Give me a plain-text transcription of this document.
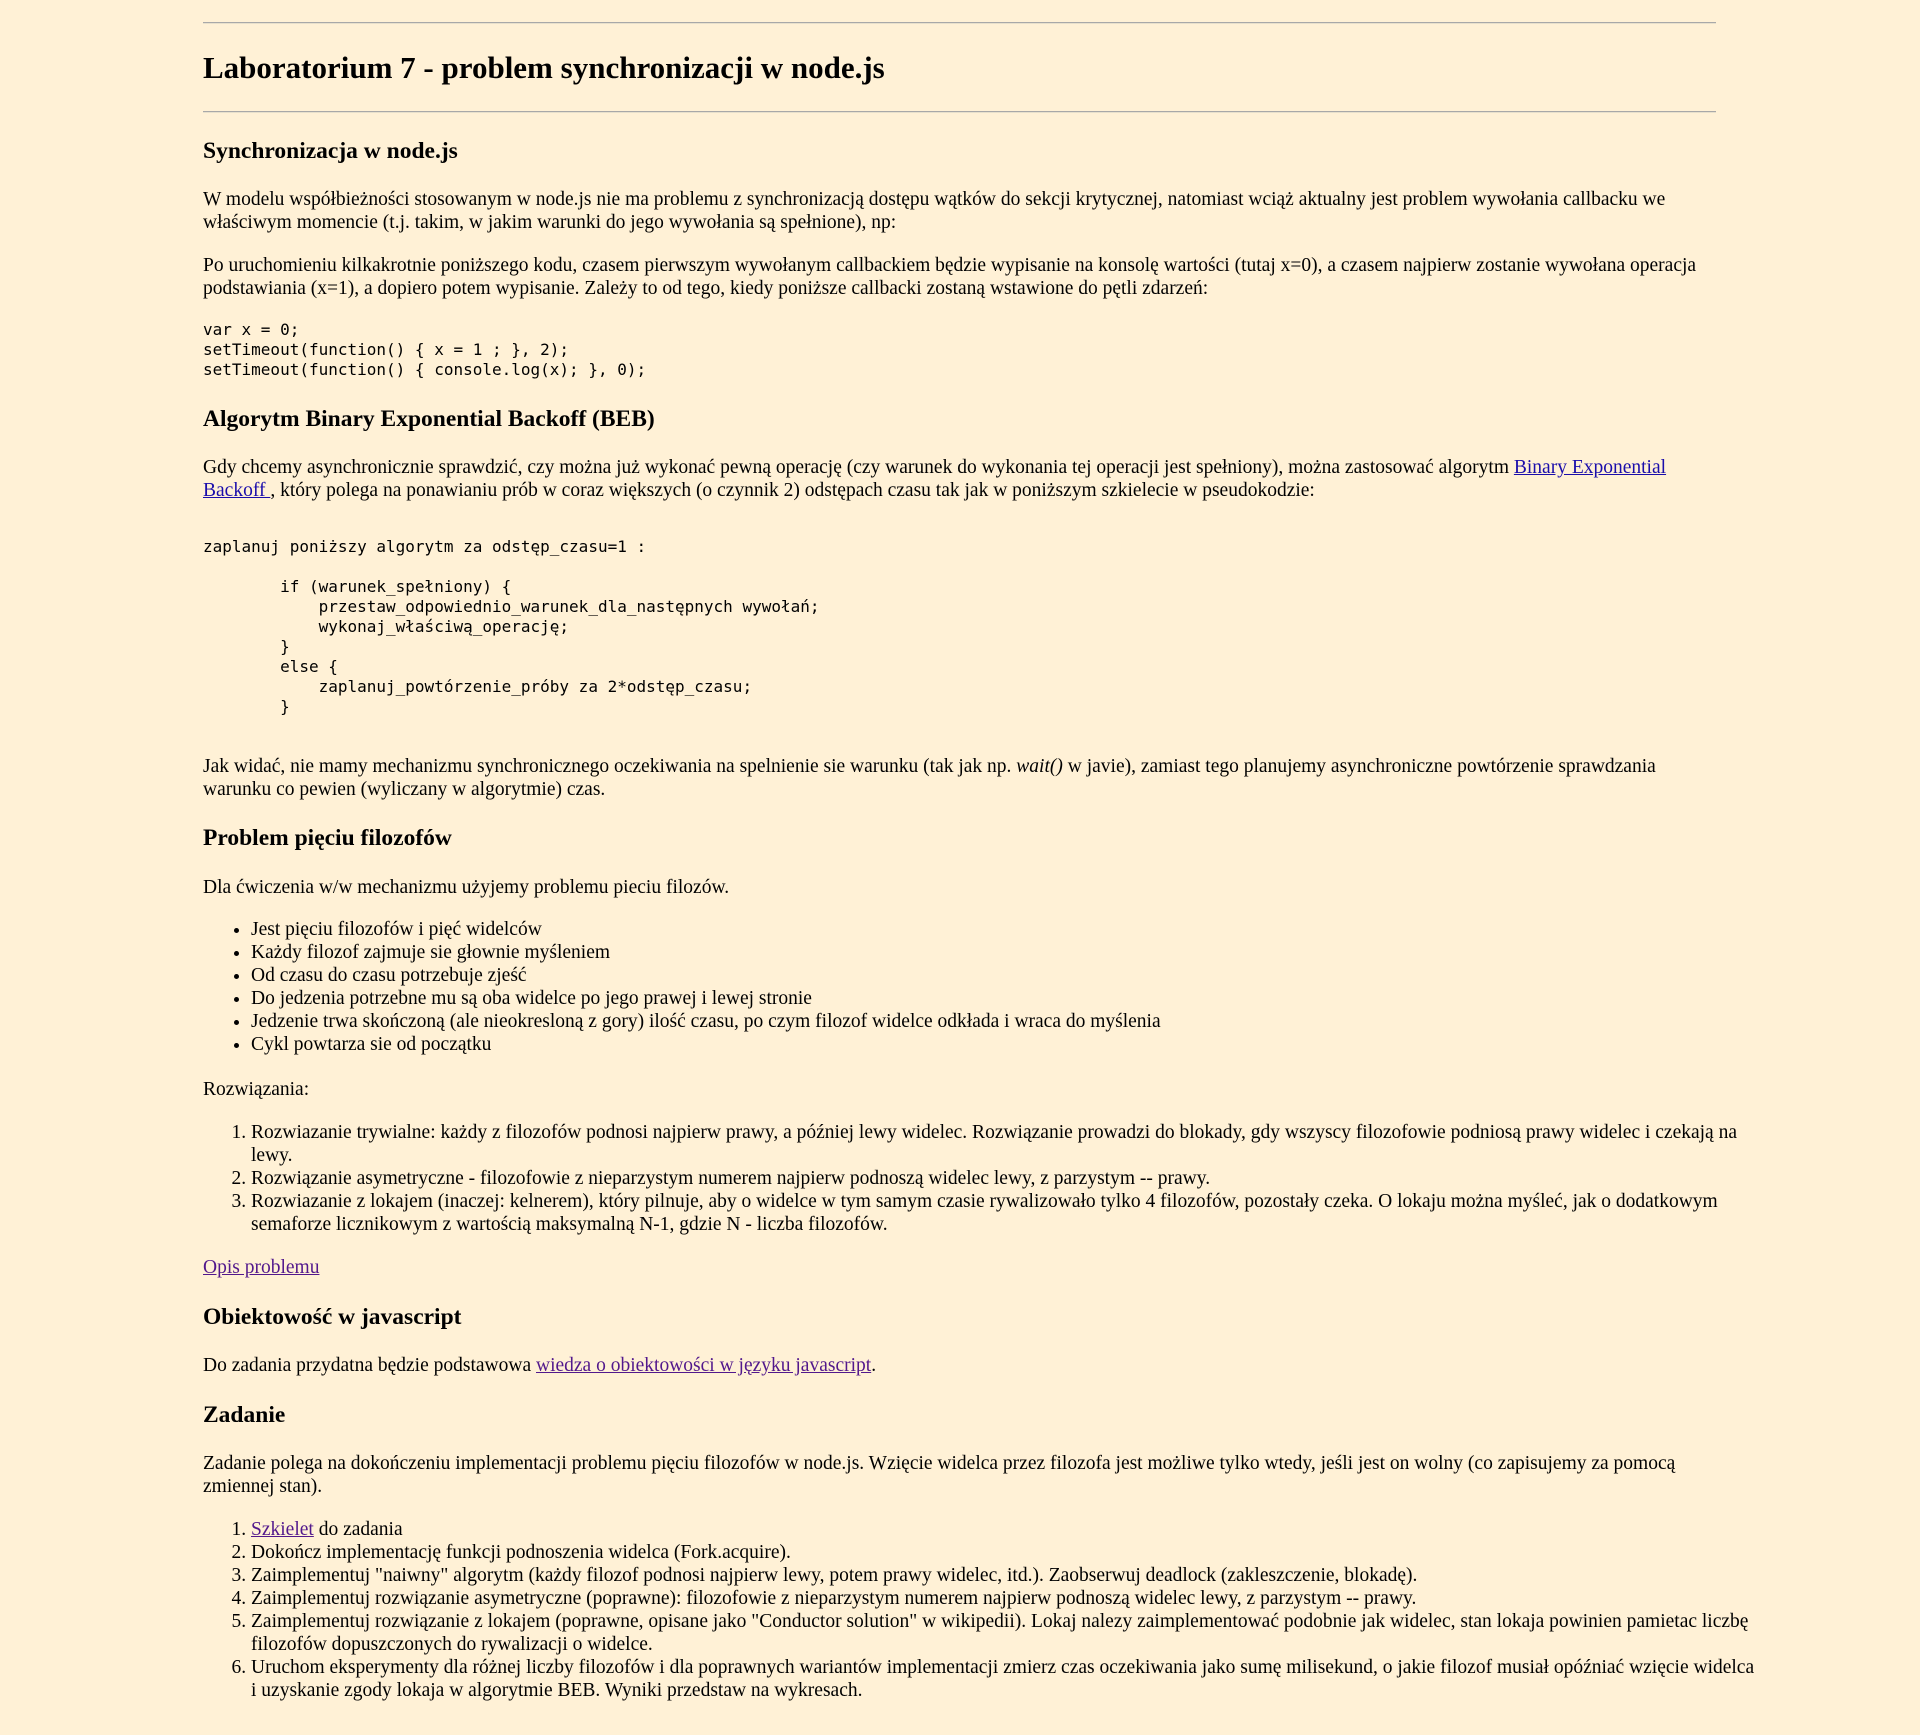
Laboratorium 7 - problem synchronizacji w node.js
Synchronizacja w node.js

W modelu współbieżności stosowanym w node.js nie ma problemu z synchronizacją dostępu wątków do sekcji krytycznej, natomiast wciąż aktualny jest problem wywołania callbacku we właściwym momencie (t.j. takim, w jakim warunki do jego wywołania są spełnione), np:

Po uruchomieniu kilkakrotnie poniższego kodu, czasem pierwszym wywołanym callbackiem będzie wypisanie na konsolę wartości (tutaj x=0), a czasem najpierw zostanie wywołana operacja podstawiania (x=1), a dopiero potem wypisanie. Zależy to od tego, kiedy poniższe callbacki zostaną wstawione do pętli zdarzeń:

var x = 0;
setTimeout(function() { x = 1 ; }, 2);
setTimeout(function() { console.log(x); }, 0);
Algorytm Binary Exponential Backoff (BEB)

Gdy chcemy asynchronicznie sprawdzić, czy można już wykonać pewną operację (czy warunek do wykonania tej operacji jest spełniony), można zastosować algorytm Binary Exponential Backoff , który polega na ponawianiu prób w coraz większych (o czynnik 2) odstępach czasu tak jak w poniższym szkielecie w pseudokodzie:

zaplanuj poniższy algorytm za odstęp_czasu=1 :

if (warunek_spełniony) {
przestaw_odpowiednio_warunek_dla_następnych wywołań;
wykonaj_właściwą_operację;
}
else {
zaplanuj_powtórzenie_próby za 2*odstęp_czasu;
}

Jak widać, nie mamy mechanizmu synchronicznego oczekiwania na spelnienie sie warunku (tak jak np. wait() w javie), zamiast tego planujemy asynchroniczne powtórzenie sprawdzania warunku co pewien (wyliczany w algorytmie) czas.

Problem pięciu filozofów

Dla ćwiczenia w/w mechanizmu użyjemy problemu pieciu filozów.

• Jest pięciu filozofów i pięć widelców
• Każdy filozof zajmuje sie głownie myśleniem
• Od czasu do czasu potrzebuje zjeść
• Do jedzenia potrzebne mu są oba widelce po jego prawej i lewej stronie
• Jedzenie trwa skończoną (ale nieokresloną z gory) ilość czasu, po czym filozof widelce odkłada i wraca do myślenia
• Cykl powtarza sie od początku

Rozwiązania:

1. Rozwiazanie trywialne: każdy z filozofów podnosi najpierw prawy, a później lewy widelec. Rozwiązanie prowadzi do blokady, gdy wszyscy filozofowie podniosą prawy widelec i czekają na lewy.
2. Rozwiązanie asymetryczne - filozofowie z nieparzystym numerem najpierw podnoszą widelec lewy, z parzystym -- prawy.
3. Rozwiazanie z lokajem (inaczej: kelnerem), który pilnuje, aby o widelce w tym samym czasie rywalizowało tylko 4 filozofów, pozostały czeka. O lokaju można myśleć, jak o dodatkowym semaforze licznikowym z wartością maksymalną N-1, gdzie N - liczba filozofów.

Opis problemu

Obiektowość w javascript

Do zadania przydatna będzie podstawowa wiedza o obiektowości w języku javascript.

Zadanie

Zadanie polega na dokończeniu implementacji problemu pięciu filozofów w node.js. Wzięcie widelca przez filozofa jest możliwe tylko wtedy, jeśli jest on wolny (co zapisujemy za pomocą zmiennej stan).

1. Szkielet do zadania
2. Dokończ implementację funkcji podnoszenia widelca (Fork.acquire).
3. Zaimplementuj "naiwny" algorytm (każdy filozof podnosi najpierw lewy, potem prawy widelec, itd.). Zaobserwuj deadlock (zakleszczenie, blokadę).
4. Zaimplementuj rozwiązanie asymetryczne (poprawne): filozofowie z nieparzystym numerem najpierw podnoszą widelec lewy, z parzystym -- prawy.
5. Zaimplementuj rozwiązanie z lokajem (poprawne, opisane jako "Conductor solution" w wikipedii). Lokaj nalezy zaimplementować podobnie jak widelec, stan lokaja powinien pamietac liczbę filozofów dopuszczonych do rywalizacji o widelce.
6. Uruchom eksperymenty dla różnej liczby filozofów i dla poprawnych wariantów implementacji zmierz czas oczekiwania jako sumę milisekund, o jakie filozof musiał opóźniać wzięcie widelca i uzyskanie zgody lokaja w algorytmie BEB. Wyniki przedstaw na wykresach.
